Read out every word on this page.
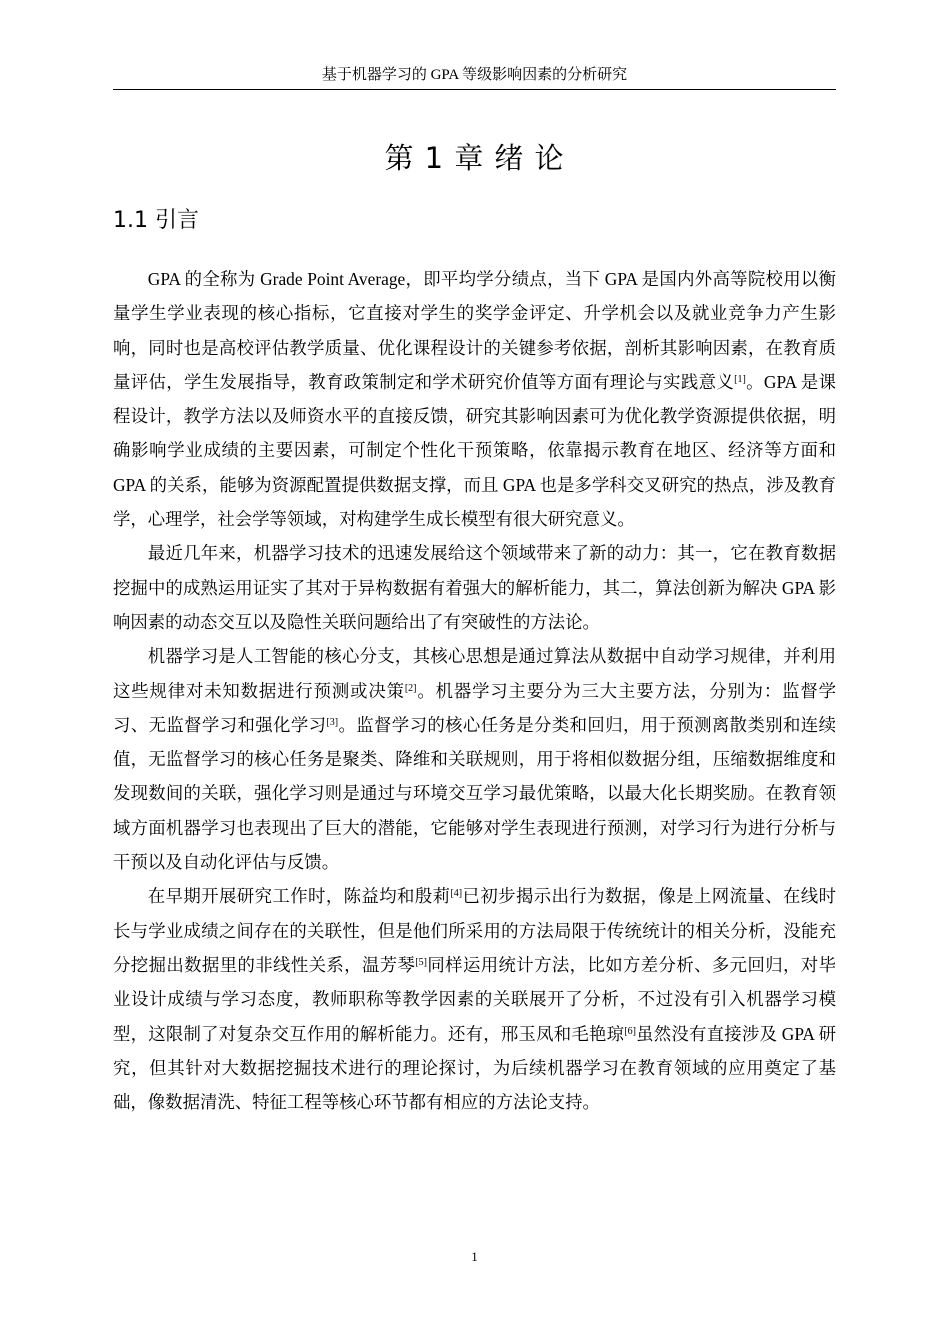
基于机器学习的 GPA 等级影响因素的分析研究
第 1 章 绪 论
1.1 引言

GPA 的全称为 Grade Point Average，即平均学分绩点，当下 GPA 是国内外高等院校用以衡量学生学业表现的核心指标，它直接对学生的奖学金评定、升学机会以及就业竞争力产生影响，同时也是高校评估教学质量、优化课程设计的关键参考依据，剖析其影响因素，在教育质量评估，学生发展指导，教育政策制定和学术研究价值等方面有理论与实践意义[1]。GPA 是课程设计，教学方法以及师资水平的直接反馈，研究其影响因素可为优化教学资源提供依据，明确影响学业成绩的主要因素，可制定个性化干预策略，依靠揭示教育在地区、经济等方面和 GPA 的关系，能够为资源配置提供数据支撑，而且 GPA 也是多学科交叉研究的热点，涉及教育学，心理学，社会学等领域，对构建学生成长模型有很大研究意义。

最近几年来，机器学习技术的迅速发展给这个领域带来了新的动力：其一，它在教育数据挖掘中的成熟运用证实了其对于异构数据有着强大的解析能力，其二，算法创新为解决 GPA 影响因素的动态交互以及隐性关联问题给出了有突破性的方法论。

机器学习是人工智能的核心分支，其核心思想是通过算法从数据中自动学习规律，并利用这些规律对未知数据进行预测或决策[2]。机器学习主要分为三大主要方法，分别为：监督学习、无监督学习和强化学习[3]。监督学习的核心任务是分类和回归，用于预测离散类别和连续值，无监督学习的核心任务是聚类、降维和关联规则，用于将相似数据分组，压缩数据维度和发现数间的关联，强化学习则是通过与环境交互学习最优策略，以最大化长期奖励。在教育领域方面机器学习也表现出了巨大的潜能，它能够对学生表现进行预测，对学习行为进行分析与干预以及自动化评估与反馈。

在早期开展研究工作时，陈益均和殷莉[4]已初步揭示出行为数据，像是上网流量、在线时长与学业成绩之间存在的关联性，但是他们所采用的方法局限于传统统计的相关分析，没能充分挖掘出数据里的非线性关系，温芳琴[5]同样运用统计方法，比如方差分析、多元回归，对毕业设计成绩与学习态度，教师职称等教学因素的关联展开了分析，不过没有引入机器学习模型，这限制了对复杂交互作用的解析能力。还有，邢玉凤和毛艳琼[6]虽然没有直接涉及 GPA 研究，但其针对大数据挖掘技术进行的理论探讨，为后续机器学习在教育领域的应用奠定了基础，像数据清洗、特征工程等核心环节都有相应的方法论支持。

1
